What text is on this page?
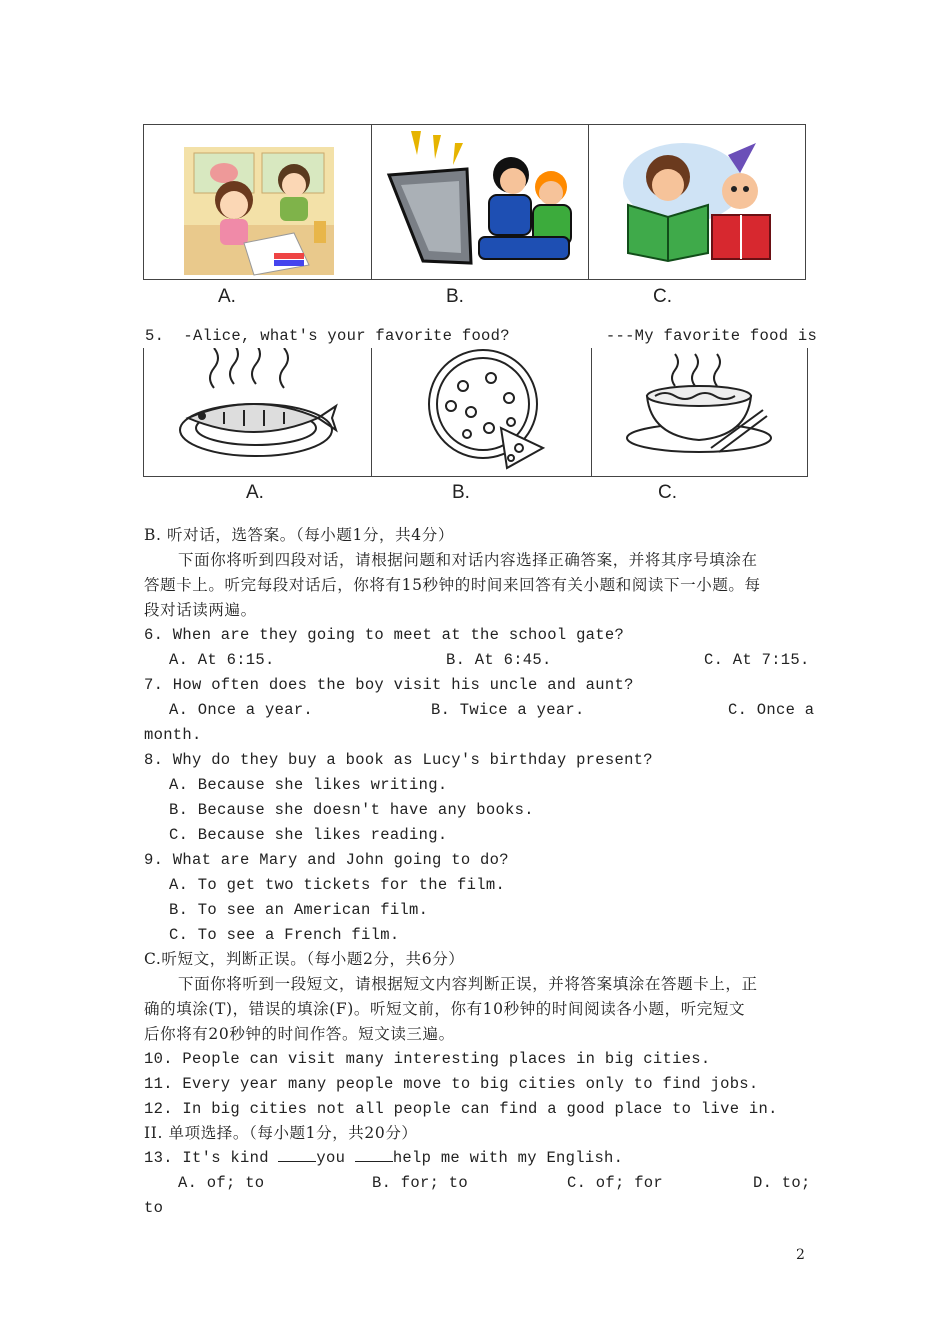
A.	B.	C.
5.  -Alice, what's your favorite food?          ---My favorite food is
A.	B.	C.
B. 听对话，选答案。（每小题1分，共4分）
下面你将听到四段对话，请根据问题和对话内容选择正确答案，并将其序号填涂在
答题卡上。听完每段对话后，你将有15秒钟的时间来回答有关小题和阅读下一小题。每
段对话读两遍。
6. When are they going to meet at the school gate?
A. At 6:15.	B. At 6:45.	C. At 7:15.
7. How often does the boy visit his uncle and aunt?
A. Once a year.	B. Twice a year.	C. Once a
month.
8. Why do they buy a book as Lucy's birthday present?
A. Because she likes writing.
B. Because she doesn't have any books.
C. Because she likes reading.
9. What are Mary and John going to do?
A. To get two tickets for the film.
B. To see an American film.
C. To see a French film.
C.听短文，判断正误。（每小题2分，共6分）
下面你将听到一段短文，请根据短文内容判断正误，并将答案填涂在答题卡上，正
确的填涂(T)，错误的填涂(F)。听短文前，你有10秒钟的时间阅读各小题，听完短文
后你将有20秒钟的时间作答。短文读三遍。
10. People can visit many interesting places in big cities.
11. Every year many people move to big cities only to find jobs.
12. In big cities not all people can find a good place to live in.
II. 单项选择。（每小题1分，共20分）
13. It's kind you help me with my English.
A. of; to	B. for; to	C. of; for	D. to;
to
2
